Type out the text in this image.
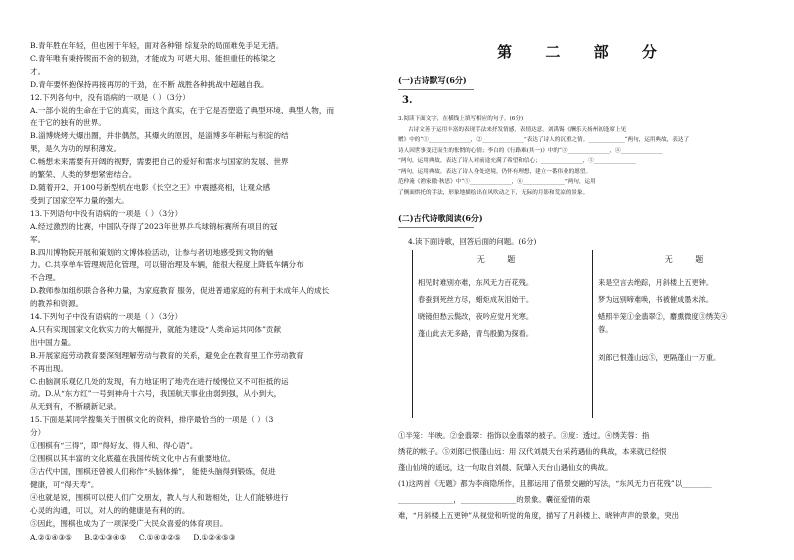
B.青年胜在年轻，但也困于年轻，面对各种错 综复杂的局面难免手足无措。
C.青年唯有秉持锲而不舍的韧劲，才能成为 可堪大用、能担重任的栋梁之
才。
D.青年要怀抱保持再接再厉的干劲，在不断 战胜各种挑战中超越自我。
12.下列各句中，没有语病的一项是（ ）（3分）
A.一部小说的生命在于它的真实，而这个真实，在于它是否塑造了典型环境、典型人物，而
在于它的独有的世界。
B.淄博烧烤大爆出圈，并非偶然，其爆火的原因，是淄博多年耕耘与积淀的结
果，是久为功的厚积薄发。
C.畅想未来需要有开阔的视野，需要把自己的爱好和需求与国家的发展、世界
的繁荣、人类的梦想紧密结合。
D.随着开2、开100号新型机在电影《长空之王》中震撼亮相，让观众感
受到了国家空军力量的强大。
13.下列语句中没有语病的一项是（ ）（3分）
A.经过激烈的比赛，中国队夺得了2023年世界乒乓球锦标赛所有项目的冠
军。
B.四川博物院开展和策划的文博体验活动，让参与者切地感受到文物的魅
力。C.共享单车管理规范化管理，可以错治理及车辆，能很大程度上降低车辆分布
不合理。
D.教师参加组织联合各种力量，为家庭教育 服务，促进普通家庭的有利于未成年人的成长
的教养和资源。
14.下列句子中没有语病的一项是（ ）（3分）
A.只有实现国家文化软实力的大幅提升，就能为建设“人类命运共同体”贡献
出中国力量。
B.开展家庭劳动教育要深刻理解劳动与教育的关系，避免企在教育里工作劳动教育
不再出现。
C.由脑洞乐观亿几处的发现，有力地证明了地壳在进行缓慢位又不可拒抵的运
动。D.从“东方红”一号到神舟十六号，我国航天事业由弱到强，从小到大，
从无到有，不断刷新记录。
15.下面是某同学搜集关于围棋文化的资料，排序最恰当的一项是（ ）（3
分）
①围棋有“三得”，即“得好友、得人和、得心语”。
②围棋以其丰富的文化底蕴在我国传统文化中占有重要地位。
③古代中国，围棋还曾被人们称作“头脑体操”， 能使头脑得到锻炼，促进
健康，可“得天寿”。
④也就是说，围棋可以使人们广交朋友，教人与人和谐相处，让人们能够进行
心灵的沟通，可以，对人的的健康是有利的的。
⑤因此，围棋也成为了一项深受广大民众喜爱的体育项目。
A.②①④③⑤ B.②①③④⑤ C.①④③②⑤ D.①②④⑤③
第 二 部 分
(一)古诗默写(6分)
3.
3.阅读下面文字，在横线上填写相应的句子。(6分)
古诗文善于运用丰富的表现手法来抒发情感，表情达意。刘禹锡《酬乐天扬州初逢席上见
赠》中的“①_______________，②_______________”表达了诗人的沉重之情。_____________“两句，运用典故，表达了
诗人因世事变迁而生的怅惘的心情；李白的《行路难(其一)》中的“③_______________，④_______________
”两句，运用典故，表达了诗人对前途充满了希望和信心；_______________，⑤_______________
”两句，运用典故，表达了诗人身处逆境，仍怀有理想，建立一番伟业的愿望。
范仲淹《渔家傲·秋思》中“⑤_______________，⑥_______________”两句，运用
了侧面烘托的手法，形象地描绘出在风吹动之下，无际的月影和荒凉的景象。
(二)古代诗歌阅读(6分)
4.读下面诗歌，回答后面的问题。(6分)
无 题
相见时难别亦难，东风无力百花残。
春蚕到死丝方尽，蜡炬成灰泪始干。
晓镜但愁云鬓改，夜吟应觉月光寒。
蓬山此去无多路，青鸟殷勤为探看。
无 题
来是空言去绝踪，月斜楼上五更钟。
梦为远别啼难唤，书被催成墨未浓。
蜡照半笼①金翡翠②，麝熏微度③绣芙④
蓉。
刘郎已恨蓬山远⑤，更隔蓬山一万重。
①半笼：半映。②金翡翠：指饰以金翡翠的被子。③度：透过。④绣芙蓉：指
绣花的帐子。⑤刘郎已恨蓬山远：用 汉代刘晨天台采药遇仙的典故，本来就已经恨
蓬山仙境的遥远，这一句取自刘晨、阮肇入天台山遇仙女的典故。
(1)这两首《无题》都为李商隐所作，且都运用了借景交融的写法，“东风无力百花残”以________
_______________，_______________的景象。囊征爱情的艰
难，“月斜楼上五更钟”从视觉和听觉的角度，描写了月斜楼上、晓钟声声的景象，突出
